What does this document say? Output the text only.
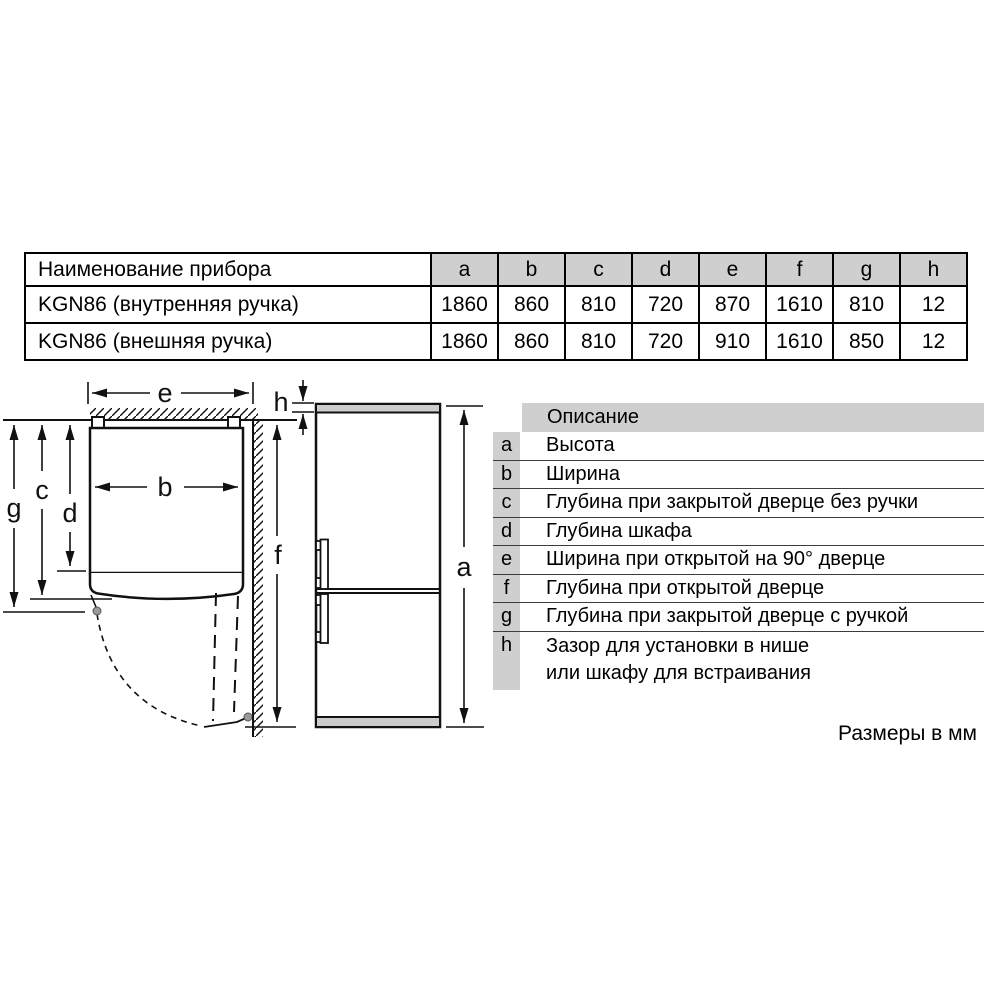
Наименование прибора	a	b	c	d	e	f	g	h
KGN86 (внутренняя ручка)	1860	860	810	720	870	1610	810	12
KGN86 (внешняя ручка)	1860	860	810	720	910	1610	850	12
e
b
g
c
d
f
h
a
Описание
a	Высота
b	Ширина
c	Глубина при закрытой дверце без ручки
d	Глубина шкафа
e	Ширина при открытой на 90° дверце
f	Глубина при открытой дверце
g	Глубина при закрытой дверце с ручкой
h	Зазор для установки в нише
или шкафу для встраивания
Размеры в мм
